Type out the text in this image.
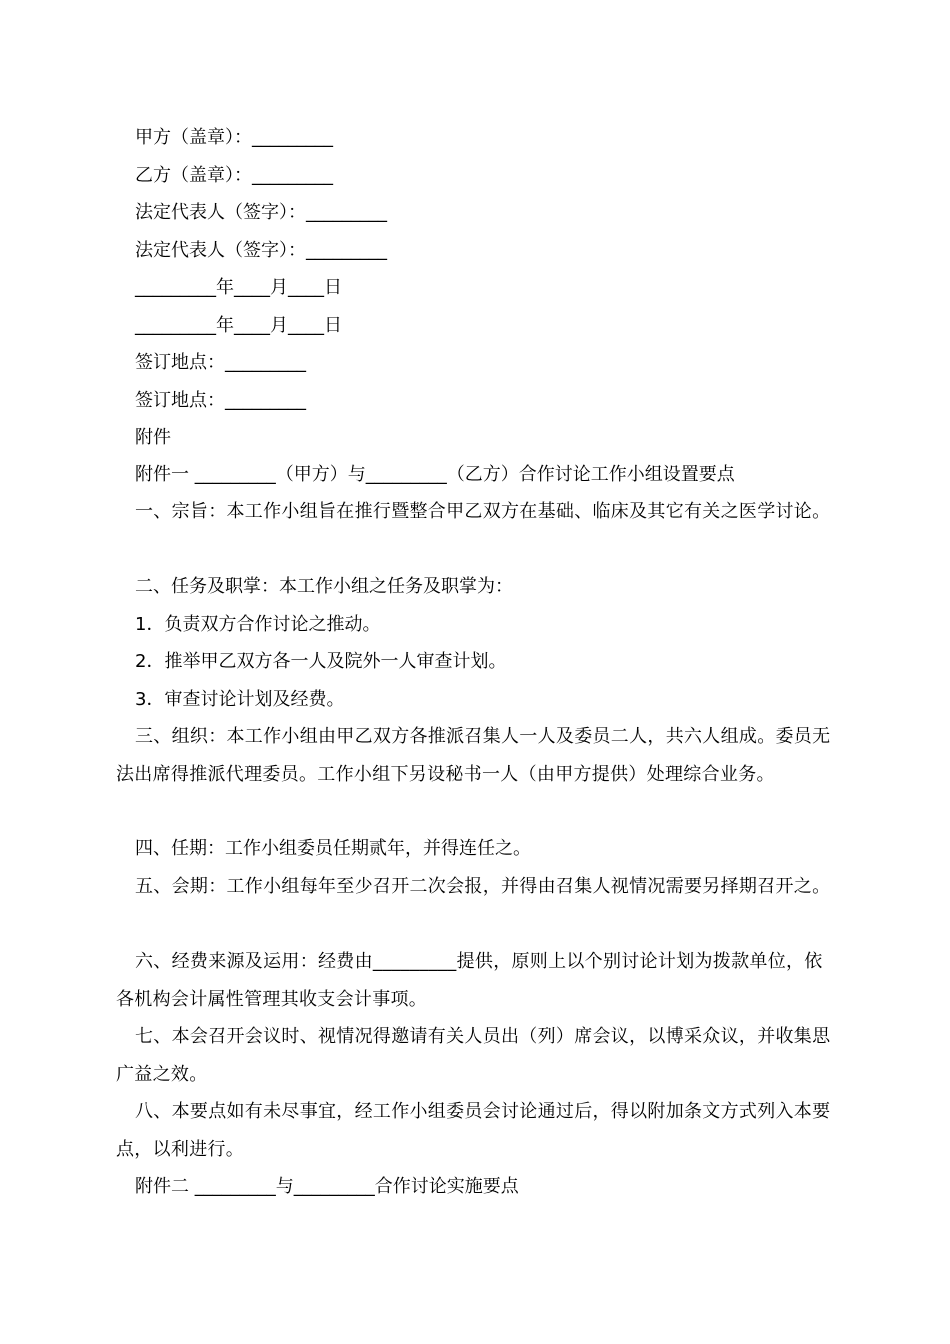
甲方（盖章）：_________
乙方（盖章）：_________
法定代表人（签字）：_________
法定代表人（签字）：_________
_________年____月____日
_________年____月____日
签订地点：_________
签订地点：_________
附件
附件一 _________（甲方）与_________（乙方）合作讨论工作小组设置要点
一、宗旨：本工作小组旨在推行暨整合甲乙双方在基础、临床及其它有关之医学讨论。
二、任务及职掌：本工作小组之任务及职掌为：
1．负责双方合作讨论之推动。
2．推举甲乙双方各一人及院外一人审查计划。
3．审查讨论计划及经费。
三、组织：本工作小组由甲乙双方各推派召集人一人及委员二人，共六人组成。委员无法出席得推派代理委员。工作小组下另设秘书一人（由甲方提供）处理综合业务。
四、任期：工作小组委员任期贰年，并得连任之。
五、会期：工作小组每年至少召开二次会报，并得由召集人视情况需要另择期召开之。
六、经费来源及运用：经费由_________提供，原则上以个别讨论计划为拨款单位，依各机构会计属性管理其收支会计事项。
七、本会召开会议时、视情况得邀请有关人员出（列）席会议，以博采众议，并收集思广益之效。
八、本要点如有未尽事宜，经工作小组委员会讨论通过后，得以附加条文方式列入本要点，以利进行。
附件二 _________与_________合作讨论实施要点
